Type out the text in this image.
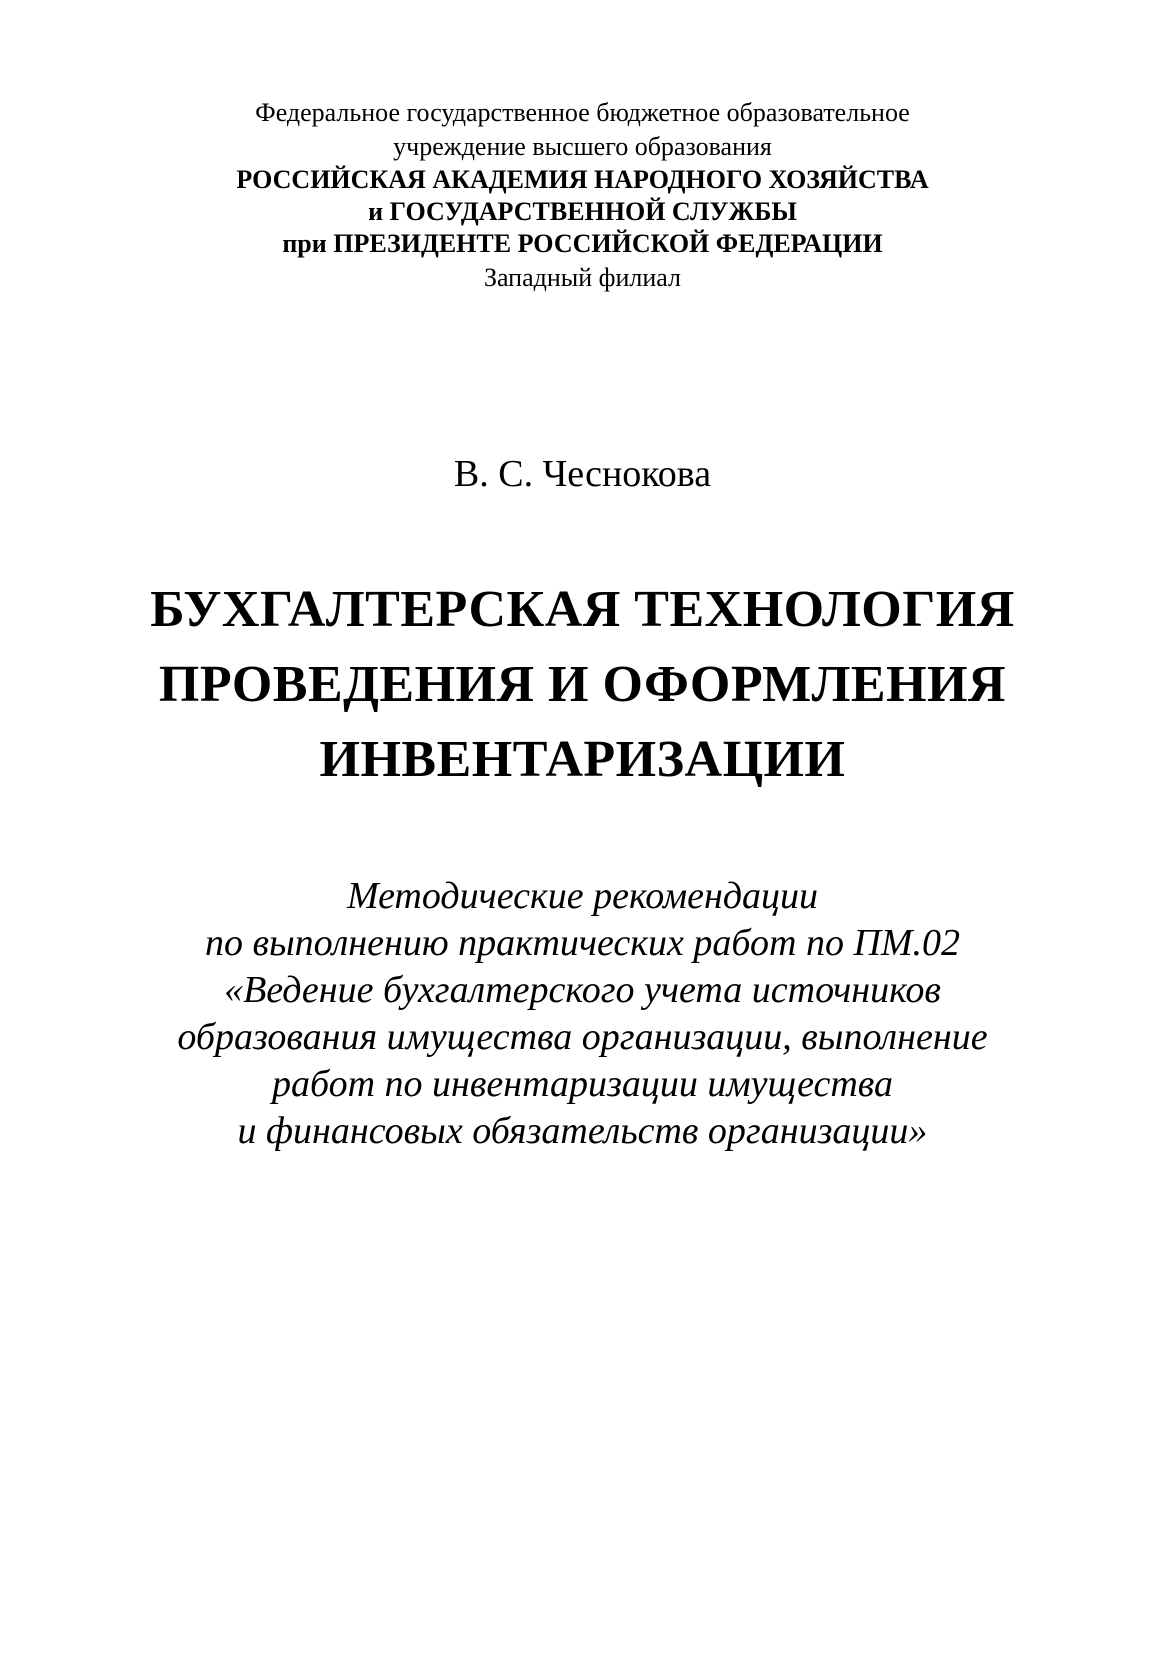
Федеральное государственное бюджетное образовательное
учреждение высшего образования
РОССИЙСКАЯ АКАДЕМИЯ НАРОДНОГО ХОЗЯЙСТВА
и ГОСУДАРСТВЕННОЙ СЛУЖБЫ
при ПРЕЗИДЕНТЕ РОССИЙСКОЙ ФЕДЕРАЦИИ
Западный филиал
В. С. Чеснокова
БУХГАЛТЕРСКАЯ ТЕХНОЛОГИЯ
ПРОВЕДЕНИЯ И ОФОРМЛЕНИЯ
ИНВЕНТАРИЗАЦИИ
Методические рекомендации
по выполнению практических работ по ПМ.02
«Ведение бухгалтерского учета источников
образования имущества организации, выполнение
работ по инвентаризации имущества
и финансовых обязательств организации»
